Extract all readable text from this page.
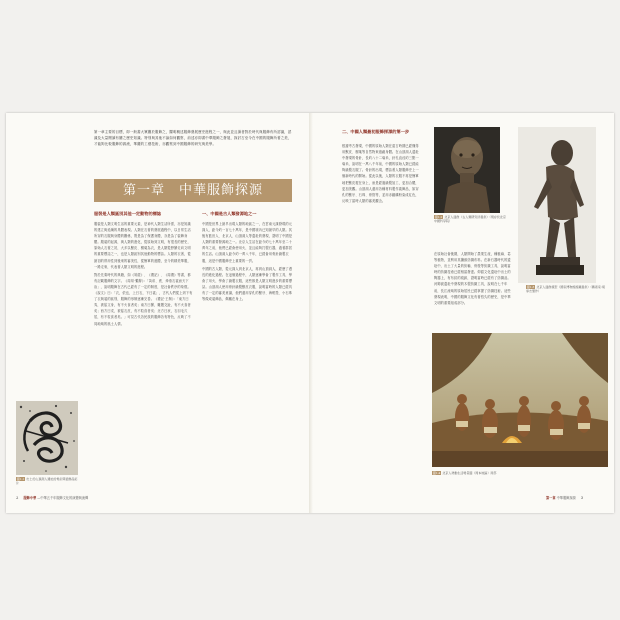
第一章主要的目標，即一般書大眾關於服飾之，闡明概述服飾發展歷史進程之一，與此並且讀者對於時代與服飾有所認識，認識及大量閱讀有關之歷史知識。特別與其他不論如何觀察，前述亦即書中華服飾之發展，探討古至今在中國的服飾所著之美，才能夠比較服飾的源流，華麗的工藝技術，亦觀察到中國服飾的研究與美學。
第一章　中華服飾探源
服裝是人類區別其他一定動物的標誌
服裝是人類文明生活的重要元素，是神代人類生活所需，亦是知識的建立與延續的具體表現。人類在衣著的發展過程中，以日常生活所穿的衣服與身體的關係，既是為了保護身體，亦是為了裝飾身體。服裝的起源，與人類的進化，從原始到文明，有很長的歷史，原始人衣著之初，大多以獸皮、樹葉為衣，是人類從野蠻走向文明的重要標誌之一，也是人類區別其他動物的標誌。人類的衣著，從最初的實用性到後來的審美性，從簡單的遮體，至今的精美華服，一路走來，代表著人類文明的進程。
對於先秦時代的典籍，如《易經》、《禮記》、《周禮》等書，都有記載服飾的文字。《周易·繫辭》：「黃帝、堯、舜垂衣裳而天下治」，說明服飾在古代已經有了一定的制度，是社會秩序的象徵。《說文》曰：「衣，依也，上曰衣，下曰裳」，古代人們從上到下有了衣與裳的區別，服飾的形制逐漸完善。《禮記·王制》：「東方曰夷，被髮文身，有不火食者矣；南方曰蠻，雕題交趾，有不火食者矣；西方曰戎，被髮衣皮，有不粒食者矣；北方曰狄，衣羽毛穴居，有不粒食者矣。」可見古代各民族的服飾各有特色，反映了不同地域的風土人情。
一、中國是古人類發源地之一
中國是世界上最早出現人類的地區之一，在雲南元謀發現的元謀人，距今約一百七十萬年，是中國境內已知最早的人類。其後有藍田人、北京人、山頂洞人等遺址的發現，證明了中國是人類的重要發源地之一。北京人生活在距今約七十萬年至二十萬年之前，他們已經會使用火，並且能夠打製石器，過著群居的生活。山頂洞人距今約一萬八千年，已經會用骨針縫製衣服，這是中國服飾史上重要的一頁。
中國的古人類，從元謀人到北京人，再到山頂洞人，經歷了漫長的進化過程。在這個過程中，人類逐漸學會了製作工具，學會了用火，學會了縫製衣服，這些都是人類文明進步的重要標誌。山頂洞人使用骨針縫製獸皮衣服，說明當時的人類已經具有了一定的審美意識，他們還用穿孔的獸牙、海蚶殼、小石珠等做成裝飾品，佩戴在身上。
圖1-1 出土於山頂洞人遺址的骨針與裝飾品拓片
2 服飾中華 —中華五千年服飾文化的演變與流傳
二、中國人類最初服飾探源的第一步
根據考古發現，中國的原始人類在遠古時期已經懂得用獸皮、樹葉等自然物來遮蔽身體。在山頂洞人遺址中發現的骨針，長約八十二毫米，針孔直徑約三點一毫米，說明在一萬八千年前，中國的原始人類已經能夠縫製衣服了。骨針的出現，標誌著人類服飾史上一個新時代的開始。從此以後，人類的衣服不再是簡單地把獸皮披在身上，而是經過縫製加工，更加合體，更加美觀。山頂洞人還用各種材料製作裝飾品，如穿孔的獸牙、石珠、骨管等，並用赤鐵礦粉染成紅色，反映了當時人類的審美觀念。
圖1-2 北京人頭像（古人類研究所提供）（現存於北京中國科學院）
圖1-3 北京人頭像模型（國家博物館館藏提供）（藝術家:胡承志製作）
在原始社會後期，人類開始了農業生產，種植麻、葛等植物，並利用其纖維紡織布料。在新石器時代的遺址中，出土了大量的紡輪、骨梭等紡織工具，說明當時的紡織技術已經相當發達。仰韶文化遺址中出土的陶器上，有布紋的痕跡，證明當時已經有了紡織品。河姆渡遺址中發現的木製紡織工具，說明在七千年前，長江流域的原始居民已經掌握了紡織技術。這些發現表明，中國的服飾文化有著悠久的歷史，是中華文明的重要組成部分。
圖1-4 北京人勞動生活場景圖《周本地區》局部
第一章 中華服飾探源 3
